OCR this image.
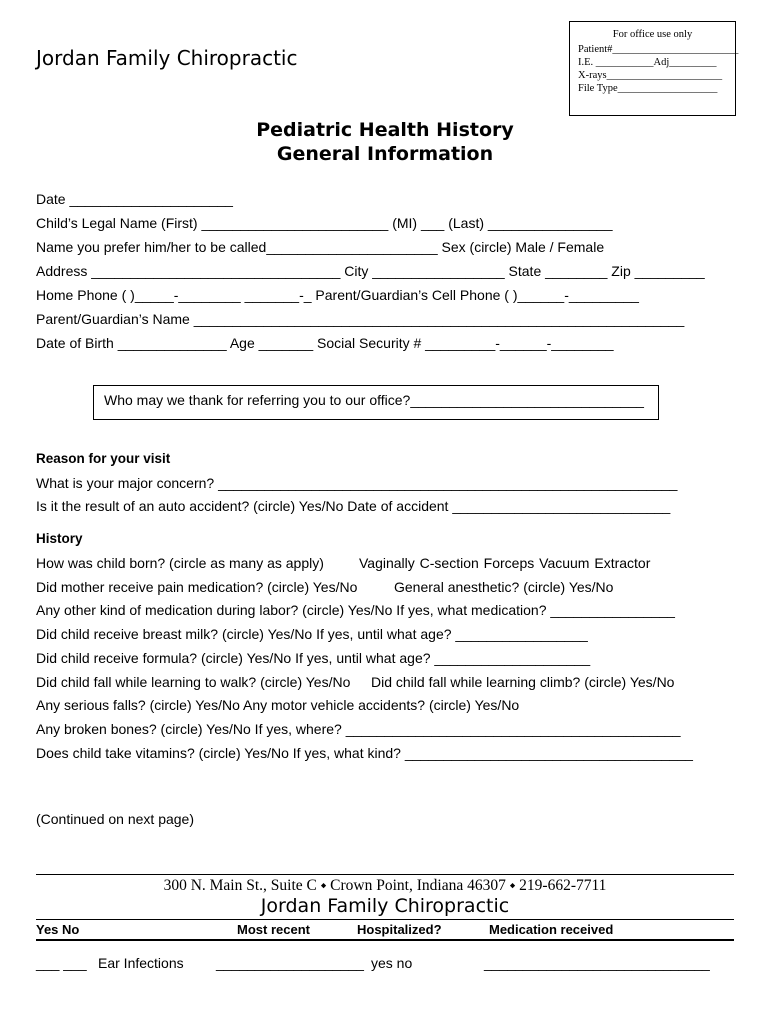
Jordan Family Chiropractic
For office use only
Patient#________________________
I.E. ___________Adj_________
X-rays______________________
File Type___________________
Pediatric Health History
General Information
Date _____________________
Child’s Legal Name (First) ________________________ (MI) ___ (Last) ________________
Name you prefer him/her to be called______________________ Sex (circle) Male / Female
Address ________________________________ City _________________ State ________ Zip _________
Home Phone ( )_____-________ _______-_ Parent/Guardian’s Cell Phone ( )______-_________
Parent/Guardian’s Name _______________________________________________________________
Date of Birth ______________ Age _______ Social Security # _________-______-________
Who may we thank for referring you to our office?______________________________
Reason for your visit
What is your major concern? ___________________________________________________________
Is it the result of an auto accident? (circle) Yes/No Date of accident ____________________________
History
How was child born? (circle as many as apply)	Vaginally C-section Forceps Vacuum Extractor
Did mother receive pain medication? (circle) Yes/No	General anesthetic? (circle) Yes/No
Any other kind of medication during labor? (circle) Yes/No If yes, what medication? ________________
Did child receive breast milk? (circle) Yes/No If yes, until what age? _________________
Did child receive formula? (circle) Yes/No If yes, until what age? ____________________
Did child fall while learning to walk? (circle) Yes/No Did child fall while learning climb? (circle) Yes/No
Any serious falls? (circle) Yes/No Any motor vehicle accidents? (circle) Yes/No
Any broken bones? (circle) Yes/No If yes, where? ___________________________________________
Does child take vitamins? (circle) Yes/No If yes, what kind? _____________________________________
(Continued on next page)
300 N. Main St., Suite C ⬩ Crown Point, Indiana 46307 ⬩ 219-662-7711
Jordan Family Chiropractic
Yes No	Most recent	Hospitalized?	Medication received
___ ___ Ear Infections ___________________ yes no	_____________________________
